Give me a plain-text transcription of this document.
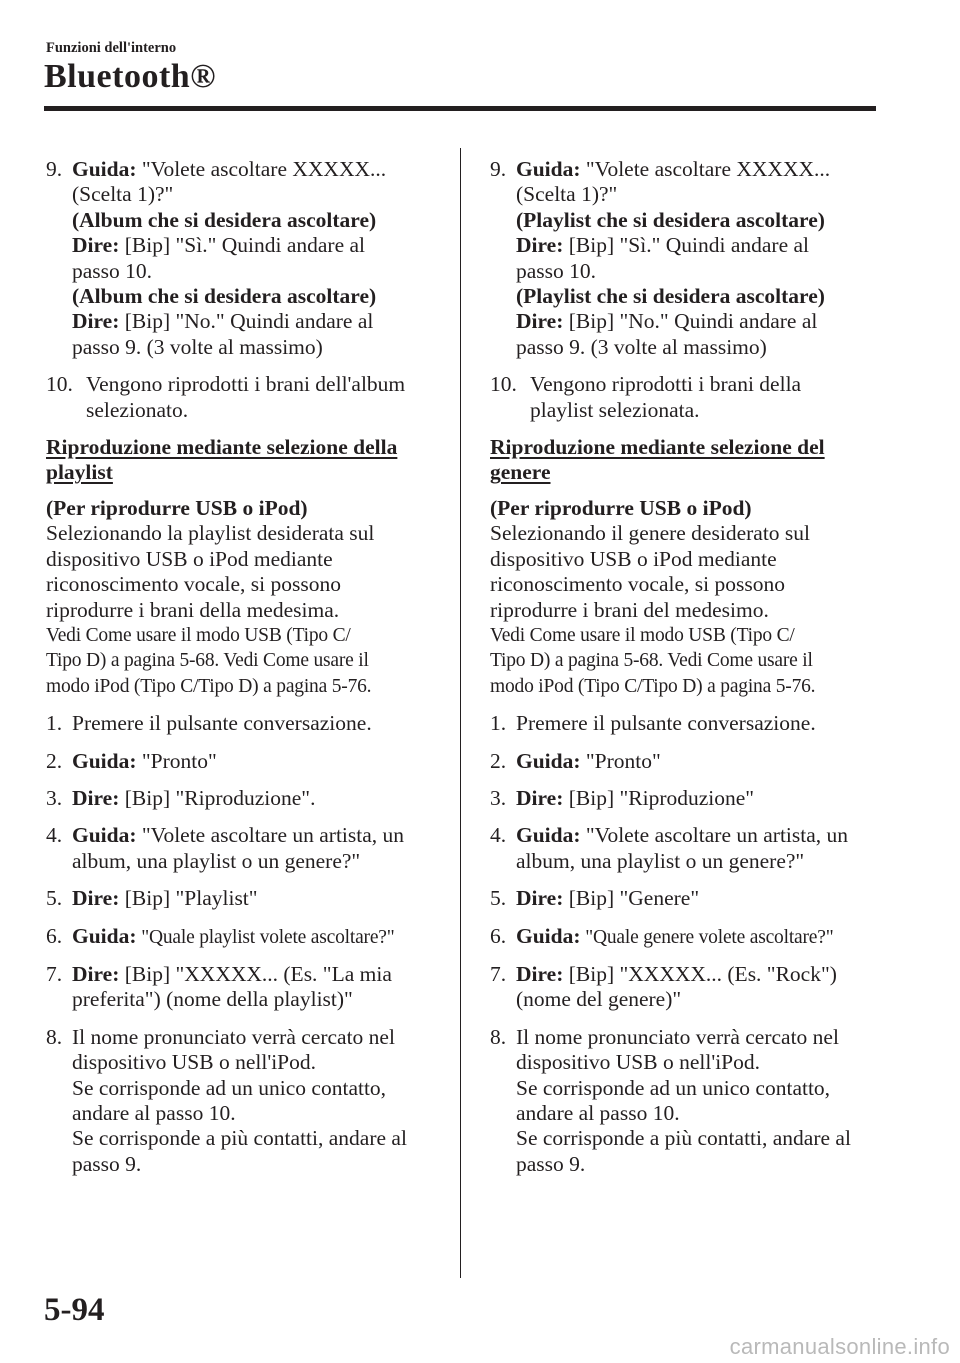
Funzioni dell'interno
Bluetooth®
9. Guida: "Volete ascoltare XXXXX...
(Scelta 1)?"
(Album che si desidera ascoltare)
Dire: [Bip] "Sì." Quindi andare al
passo 10.
(Album che si desidera ascoltare)
Dire: [Bip] "No." Quindi andare al
passo 9. (3 volte al massimo)
10. Vengono riprodotti i brani dell'album
selezionato.
Riproduzione mediante selezione della
playlist
(Per riprodurre USB o iPod)
Selezionando la playlist desiderata sul
dispositivo USB o iPod mediante
riconoscimento vocale, si possono
riprodurre i brani della medesima.
Vedi Come usare il modo USB (Tipo C/
Tipo D) a pagina 5-68. Vedi Come usare il
modo iPod (Tipo C/Tipo D) a pagina 5-76.
1. Premere il pulsante conversazione.
2. Guida: "Pronto"
3. Dire: [Bip] "Riproduzione".
4. Guida: "Volete ascoltare un artista, un
album, una playlist o un genere?"
5. Dire: [Bip] "Playlist"
6. Guida: "Quale playlist volete ascoltare?"
7. Dire: [Bip] "XXXXX... (Es. "La mia
preferita") (nome della playlist)"
8. Il nome pronunciato verrà cercato nel
dispositivo USB o nell'iPod.
Se corrisponde ad un unico contatto,
andare al passo 10.
Se corrisponde a più contatti, andare al
passo 9.
9. Guida: "Volete ascoltare XXXXX...
(Scelta 1)?"
(Playlist che si desidera ascoltare)
Dire: [Bip] "Sì." Quindi andare al
passo 10.
(Playlist che si desidera ascoltare)
Dire: [Bip] "No." Quindi andare al
passo 9. (3 volte al massimo)
10. Vengono riprodotti i brani della
playlist selezionata.
Riproduzione mediante selezione del
genere
(Per riprodurre USB o iPod)
Selezionando il genere desiderato sul
dispositivo USB o iPod mediante
riconoscimento vocale, si possono
riprodurre i brani del medesimo.
Vedi Come usare il modo USB (Tipo C/
Tipo D) a pagina 5-68. Vedi Come usare il
modo iPod (Tipo C/Tipo D) a pagina 5-76.
1. Premere il pulsante conversazione.
2. Guida: "Pronto"
3. Dire: [Bip] "Riproduzione"
4. Guida: "Volete ascoltare un artista, un
album, una playlist o un genere?"
5. Dire: [Bip] "Genere"
6. Guida: "Quale genere volete ascoltare?"
7. Dire: [Bip] "XXXXX... (Es. "Rock")
(nome del genere)"
8. Il nome pronunciato verrà cercato nel
dispositivo USB o nell'iPod.
Se corrisponde ad un unico contatto,
andare al passo 10.
Se corrisponde a più contatti, andare al
passo 9.
5-94
carmanualsonline.info
